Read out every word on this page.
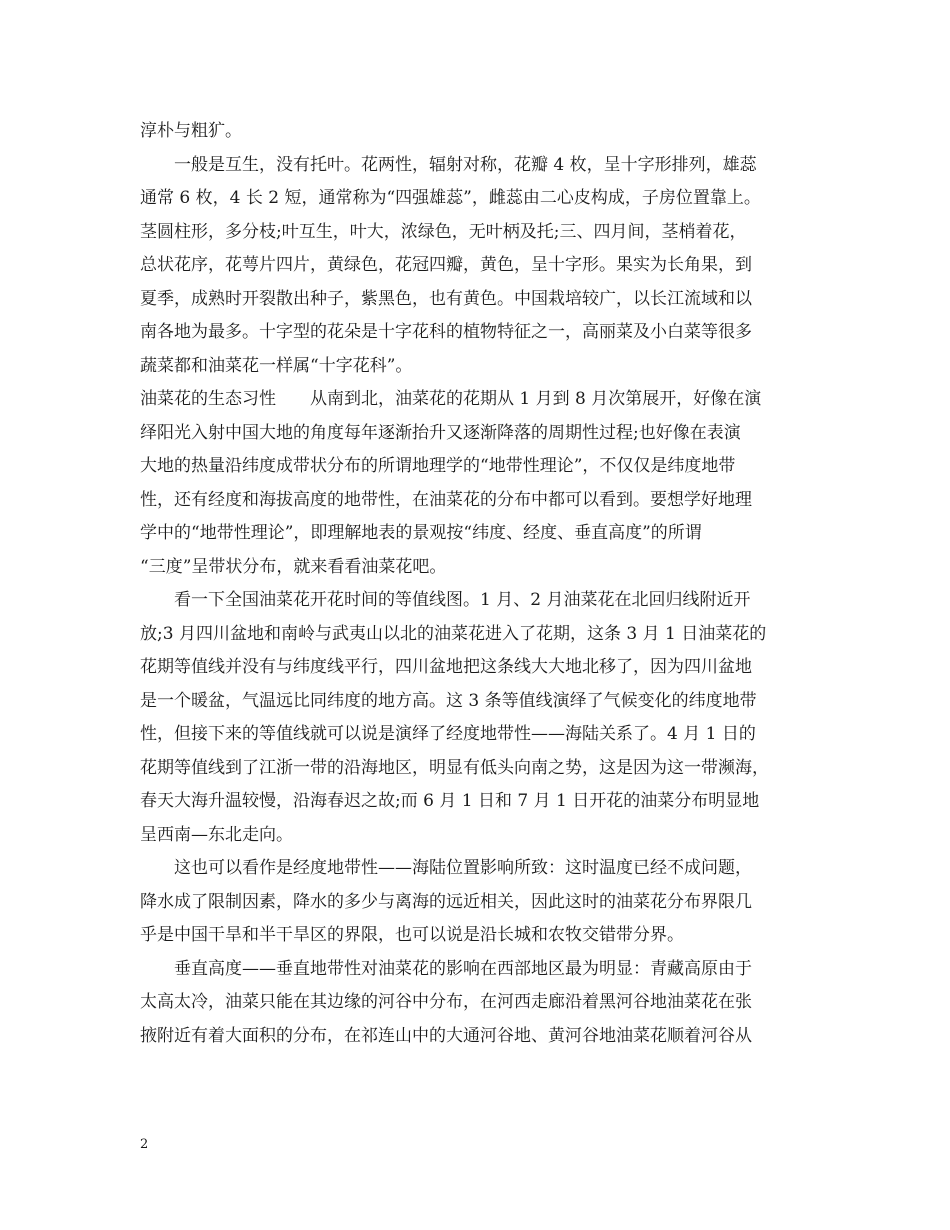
淳朴与粗犷。
一般是互生，没有托叶。花两性，辐射对称，花瓣 4 枚，呈十字形排列，雄蕊
通常 6 枚，4 长 2 短，通常称为“四强雄蕊”，雌蕊由二心皮构成，子房位置靠上。
茎圆柱形，多分枝;叶互生，叶大，浓绿色，无叶柄及托;三、四月间，茎梢着花，
总状花序，花萼片四片，黄绿色，花冠四瓣，黄色，呈十字形。果实为长角果，到
夏季，成熟时开裂散出种子，紫黑色，也有黄色。中国栽培较广，以长江流域和以
南各地为最多。十字型的花朵是十字花科的植物特征之一，高丽菜及小白菜等很多
蔬菜都和油菜花一样属“十字花科”。
油菜花的生态习性　　从南到北，油菜花的花期从 1 月到 8 月次第展开，好像在演
绎阳光入射中国大地的角度每年逐渐抬升又逐渐降落的周期性过程;也好像在表演
大地的热量沿纬度成带状分布的所谓地理学的“地带性理论”，不仅仅是纬度地带
性，还有经度和海拔高度的地带性，在油菜花的分布中都可以看到。要想学好地理
学中的“地带性理论”，即理解地表的景观按“纬度、经度、垂直高度”的所谓
“三度”呈带状分布，就来看看油菜花吧。
看一下全国油菜花开花时间的等值线图。1 月、2 月油菜花在北回归线附近开
放;3 月四川盆地和南岭与武夷山以北的油菜花进入了花期，这条 3 月 1 日油菜花的
花期等值线并没有与纬度线平行，四川盆地把这条线大大地北移了，因为四川盆地
是一个暖盆，气温远比同纬度的地方高。这 3 条等值线演绎了气候变化的纬度地带
性，但接下来的等值线就可以说是演绎了经度地带性——海陆关系了。4 月 1 日的
花期等值线到了江浙一带的沿海地区，明显有低头向南之势，这是因为这一带濒海，
春天大海升温较慢，沿海春迟之故;而 6 月 1 日和 7 月 1 日开花的油菜分布明显地
呈西南—东北走向。
这也可以看作是经度地带性——海陆位置影响所致：这时温度已经不成问题，
降水成了限制因素，降水的多少与离海的远近相关，因此这时的油菜花分布界限几
乎是中国干旱和半干旱区的界限，也可以说是沿长城和农牧交错带分界。
垂直高度——垂直地带性对油菜花的影响在西部地区最为明显：青藏高原由于
太高太冷，油菜只能在其边缘的河谷中分布，在河西走廊沿着黑河谷地油菜花在张
掖附近有着大面积的分布，在祁连山中的大通河谷地、黄河谷地油菜花顺着河谷从
2
